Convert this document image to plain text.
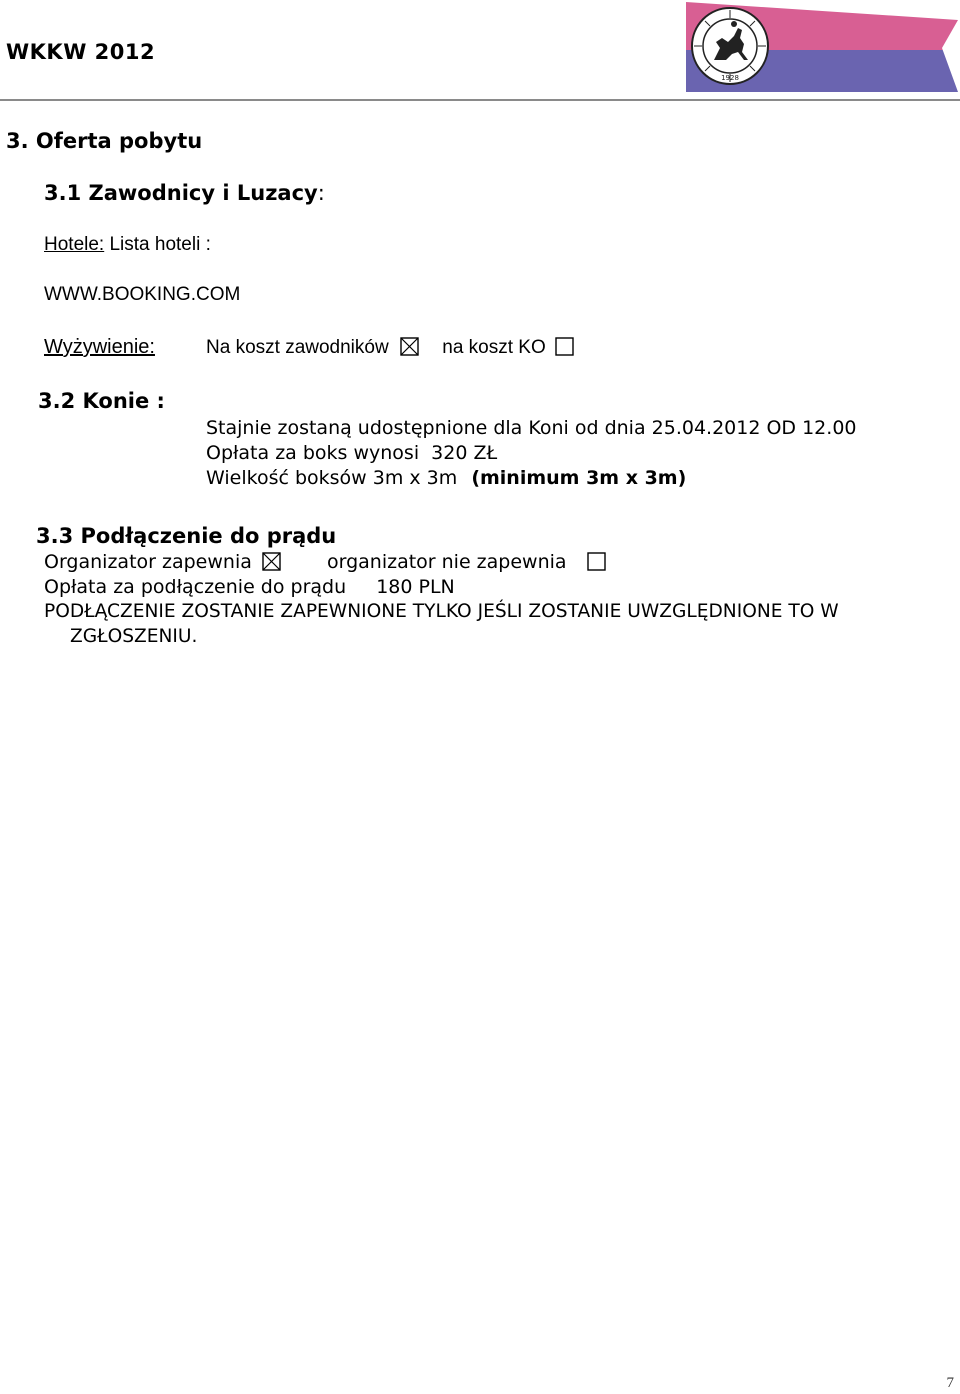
WKKW 2012
1928
3. Oferta pobytu
3.1 Zawodnicy i Luzacy:
Hotele: Lista hoteli :
WWW.BOOKING.COM
Wyżywienie:	Na koszt zawodników	na koszt KO
3.2 Konie :
Stajnie zostaną udostępnione dla Koni od dnia 25.04.2012 OD 12.00
Opłata za boks wynosi  320 ZŁ
Wielkość boksów 3m x 3m (minimum 3m x 3m)
3.3 Podłączenie do prądu
Organizator zapewnia	organizator nie zapewnia
Opłata za podłączenie do prądu 180 PLN
PODŁĄCZENIE ZOSTANIE ZAPEWNIONE TYLKO JEŚLI ZOSTANIE UWZGLĘDNIONE TO W
ZGŁOSZENIU.
7
